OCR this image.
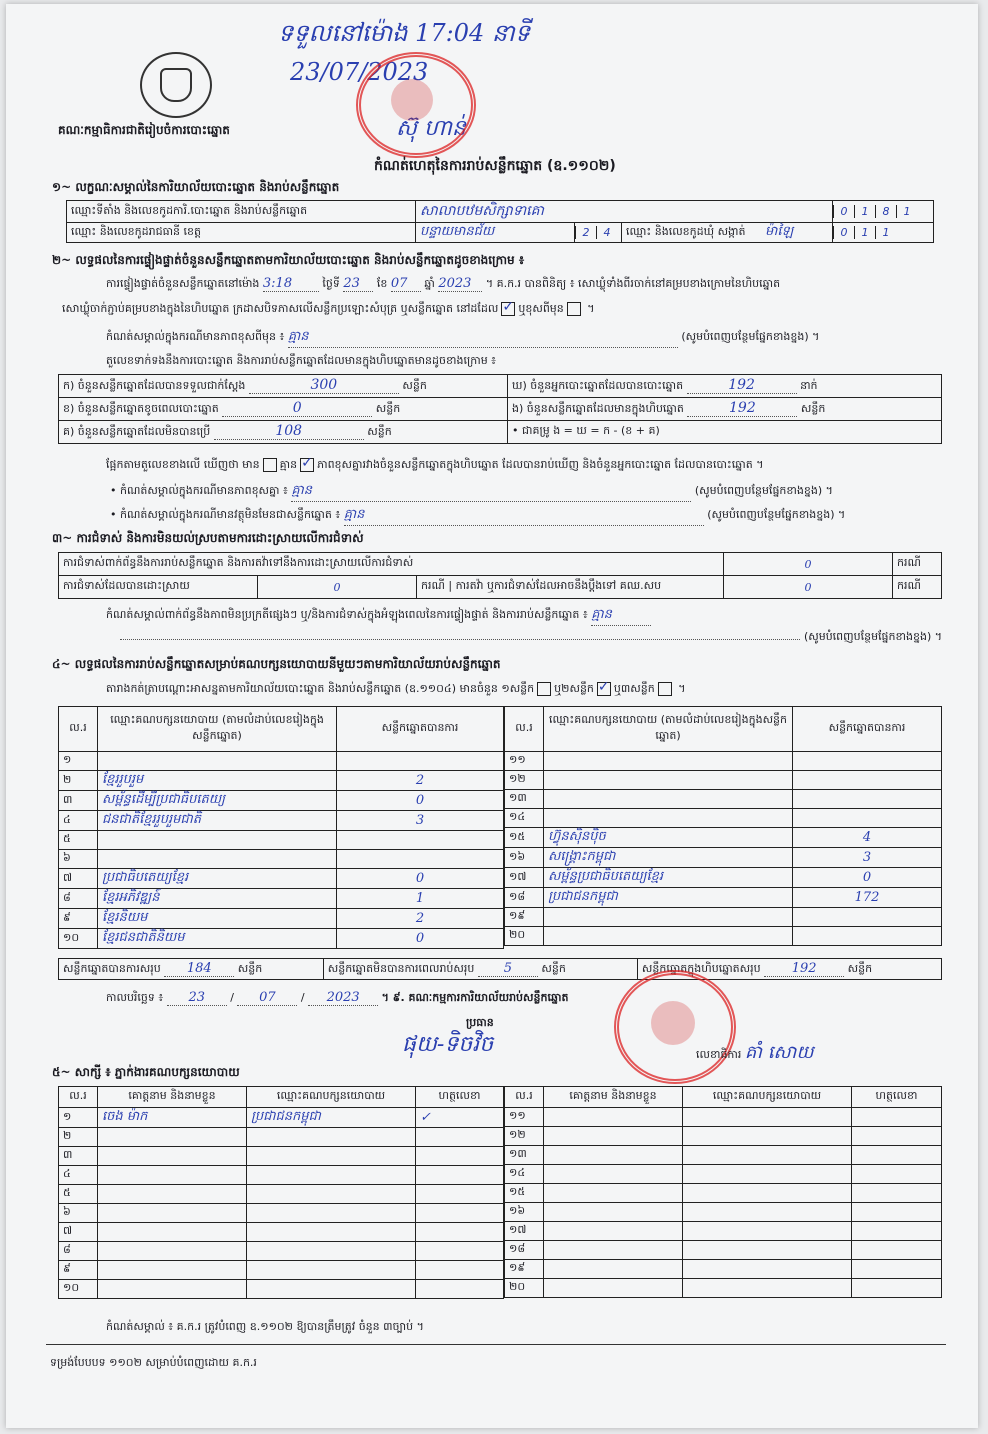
ទទួលនៅម៉ោង 17:04 នាទី
23/07/2023
ស៊ុ ហាន់
គណៈកម្មាធិការជាតិរៀបចំការបោះឆ្នោត
កំណត់ហេតុនៃការរាប់សន្លឹកឆ្នោត (ឧ.១១០២)
១~ លក្ខណៈសម្គាល់នៃការិយាល័យបោះឆ្នោត និងរាប់សន្លឹកឆ្នោត
ឈ្មោះទីតាំង និងលេខកូដការិ.បោះឆ្នោត និងរាប់សន្លឹកឆ្នោត	សាលាបឋមសិក្សាទាគោ			0 1 8 1
ឈ្មោះ និងលេខកូដរាជធានី ខេត្ត	បន្ទាយមានជ័យ	2 4	ឈ្មោះ និងលេខកូដឃុំ សង្កាត់ ម៉ាឡៃ	0 1 1
២~ លទ្ធផលនៃការផ្ទៀងផ្ទាត់ចំនួនសន្លឹកឆ្នោតតាមការិយាល័យបោះឆ្នោត និងរាប់សន្លឹកឆ្នោតដូចខាងក្រោម ៖
ការផ្ទៀងផ្ទាត់ចំនួនសន្លឹកឆ្នោតនៅម៉ោង 3:18	ថ្ងៃទី 23 ខែ 07 ឆ្នាំ 2023 ។ គ.ក.រ បានពិនិត្យ ៖ សោឃ្លុំទាំងពីរចាក់នៅគម្របខាងក្រោមនៃហិបឆ្នោត
សោឃ្លុំចាក់ភ្ជាប់គម្របខាងក្នុងនៃហិបឆ្នោត ក្រដាសបិទភាសលើសន្លឹកប្រឡោះសំបុត្រ ឬសន្លឹកឆ្នោត នៅដដែល ✓ ឬខុសពីមុន ។
កំណត់សម្គាល់ក្នុងករណីមានភាពខុសពីមុន ៖ គ្មាន	(សូមបំពេញបន្ថែមផ្នែកខាងខ្នង) ។
តួលេខទាក់ទងនឹងការបោះឆ្នោត និងការរាប់សន្លឹកឆ្នោតដែលមានក្នុងហិបឆ្នោតមានដូចខាងក្រោម ៖
ក) ចំនួនសន្លឹកឆ្នោតដែលបានទទួលជាក់ស្ដែង 300 សន្លឹក	ឃ) ចំនួនអ្នកបោះឆ្នោតដែលបានបោះឆ្នោត 192 នាក់
ខ) ចំនួនសន្លឹកឆ្នោតខូចពេលបោះឆ្នោត 0 សន្លឹក	ង) ចំនួនសន្លឹកឆ្នោតដែលមានក្នុងហិបឆ្នោត 192 សន្លឹក
គ) ចំនួនសន្លឹកឆ្នោតដែលមិនបានប្រើ 108 សន្លឹក	• ជាគម្រូ ង = ឃ = ក - (ខ + គ)
ផ្អែកតាមតួលេខខាងលើ ឃើញថា មាន គ្មាន ✓ ភាពខុសគ្នារវាងចំនួនសន្លឹកឆ្នោតក្នុងហិបឆ្នោត ដែលបានរាប់ឃើញ និងចំនួនអ្នកបោះឆ្នោត ដែលបានបោះឆ្នោត ។
• កំណត់សម្គាល់ក្នុងករណីមានភាពខុសគ្នា ៖ គ្មាន	(សូមបំពេញបន្ថែមផ្នែកខាងខ្នង) ។
• កំណត់សម្គាល់ក្នុងករណីមានវត្ថុមិនមែនជាសន្លឹកឆ្នោត ៖ គ្មាន	(សូមបំពេញបន្ថែមផ្នែកខាងខ្នង) ។
៣~ ការជំទាស់ និងការមិនយល់ស្របតាមការដោះស្រាយលើការជំទាស់
ការជំទាស់ពាក់ព័ន្ធនឹងការរាប់សន្លឹកឆ្នោត និងការតវ៉ាទៅនឹងការដោះស្រាយលើការជំទាស់			0	ករណី
ការជំទាស់ដែលបានដោះស្រាយ	0	ករណី | ការតវ៉ា ឬការជំទាស់ដែលអាចនឹងប្ដឹងទៅ គឈ.សប	0	ករណី
កំណត់សម្គាល់ពាក់ព័ន្ធនឹងភាពមិនប្រក្រតីផ្សេងៗ ឬ/និងការជំទាស់ក្នុងអំឡុងពេលនៃការផ្ទៀងផ្ទាត់ និងការរាប់សន្លឹកឆ្នោត ៖ គ្មាន
(សូមបំពេញបន្ថែមផ្នែកខាងខ្នង) ។
៤~ លទ្ធផលនៃការរាប់សន្លឹកឆ្នោតសម្រាប់គណបក្សនយោបាយនីមួយៗតាមការិយាល័យរាប់សន្លឹកឆ្នោត
តារាងកត់ត្រាបណ្ដោះអាសន្នតាមការិយាល័យបោះឆ្នោត និងរាប់សន្លឹកឆ្នោត (ឧ.១១០៤) មានចំនួន ១សន្លឹក ឬ២សន្លឹក ✓ ឬ៣សន្លឹក ។
ល.រ	ឈ្មោះគណបក្សនយោបាយ (តាមលំដាប់លេខរៀងក្នុងសន្លឹកឆ្នោត)	សន្លឹកឆ្នោតបានការ
១		
២	ខ្មែររួបរួម	2
៣	សម្ព័ន្ធដើម្បីប្រជាធិបតេយ្យ	0
៤	ជនជាតិខ្មែររួបរួមជាតិ	3
៥		
៦		
៧	ប្រជាធិបតេយ្យខ្មែរ	0
៨	ខ្មែរអភិវឌ្ឍន៍	1
៩	ខ្មែរនិយម	2
១០	ខ្មែរជនជាតិនិយម	0
ល.រ	ឈ្មោះគណបក្សនយោបាយ (តាមលំដាប់លេខរៀងក្នុងសន្លឹកឆ្នោត)	សន្លឹកឆ្នោតបានការ
១១		
១២		
១៣		
១៤		
១៥	ហ៊្វុនស៊ិនប៉ិច	4
១៦	សង្គ្រោះកម្ពុជា	3
១៧	សម្ព័ន្ធប្រជាធិបតេយ្យខ្មែរ	0
១៨	ប្រជាជនកម្ពុជា	172
១៩		
២០		
សន្លឹកឆ្នោតបានការសរុប 184 សន្លឹក	សន្លឹកឆ្នោតមិនបានការពេលរាប់សរុប 5	សន្លឹក	សន្លឹកឆ្នោតក្នុងហិបឆ្នោតសរុប 192	សន្លឹក
កាលបរិច្ឆេទ ៖ 23 / 07 / 2023 ។ ៩. គណៈកម្មការការិយាល័យរាប់សន្លឹកឆ្នោត
ប្រធាន
ផុយ-ទិចវិច	លេខាធិការ គាំ សោយ
៥~ សាក្សី ៖ ភ្នាក់ងារគណបក្សនយោបាយ
ល.រ	គោត្តនាម និងនាមខ្លួន	ឈ្មោះគណបក្សនយោបាយ	ហត្ថលេខា
១	ចេង ម៉ាក	ប្រជាជនកម្ពុជា	✓
២			
៣			
៤			
៥			
៦			
៧			
៨			
៩			
១០			
ល.រ	គោត្តនាម និងនាមខ្លួន	ឈ្មោះគណបក្សនយោបាយ	ហត្ថលេខា
១១			
១២			
១៣			
១៤			
១៥			
១៦			
១៧			
១៨			
១៩			
២០			
កំណត់សម្គាល់ ៖ គ.ក.រ ត្រូវបំពេញ ឧ.១១០២ ឱ្យបានត្រឹមត្រូវ ចំនួន ៣ច្បាប់ ។
ទម្រង់បែបបទ ១១០២ សម្រាប់បំពេញដោយ គ.ក.រ
